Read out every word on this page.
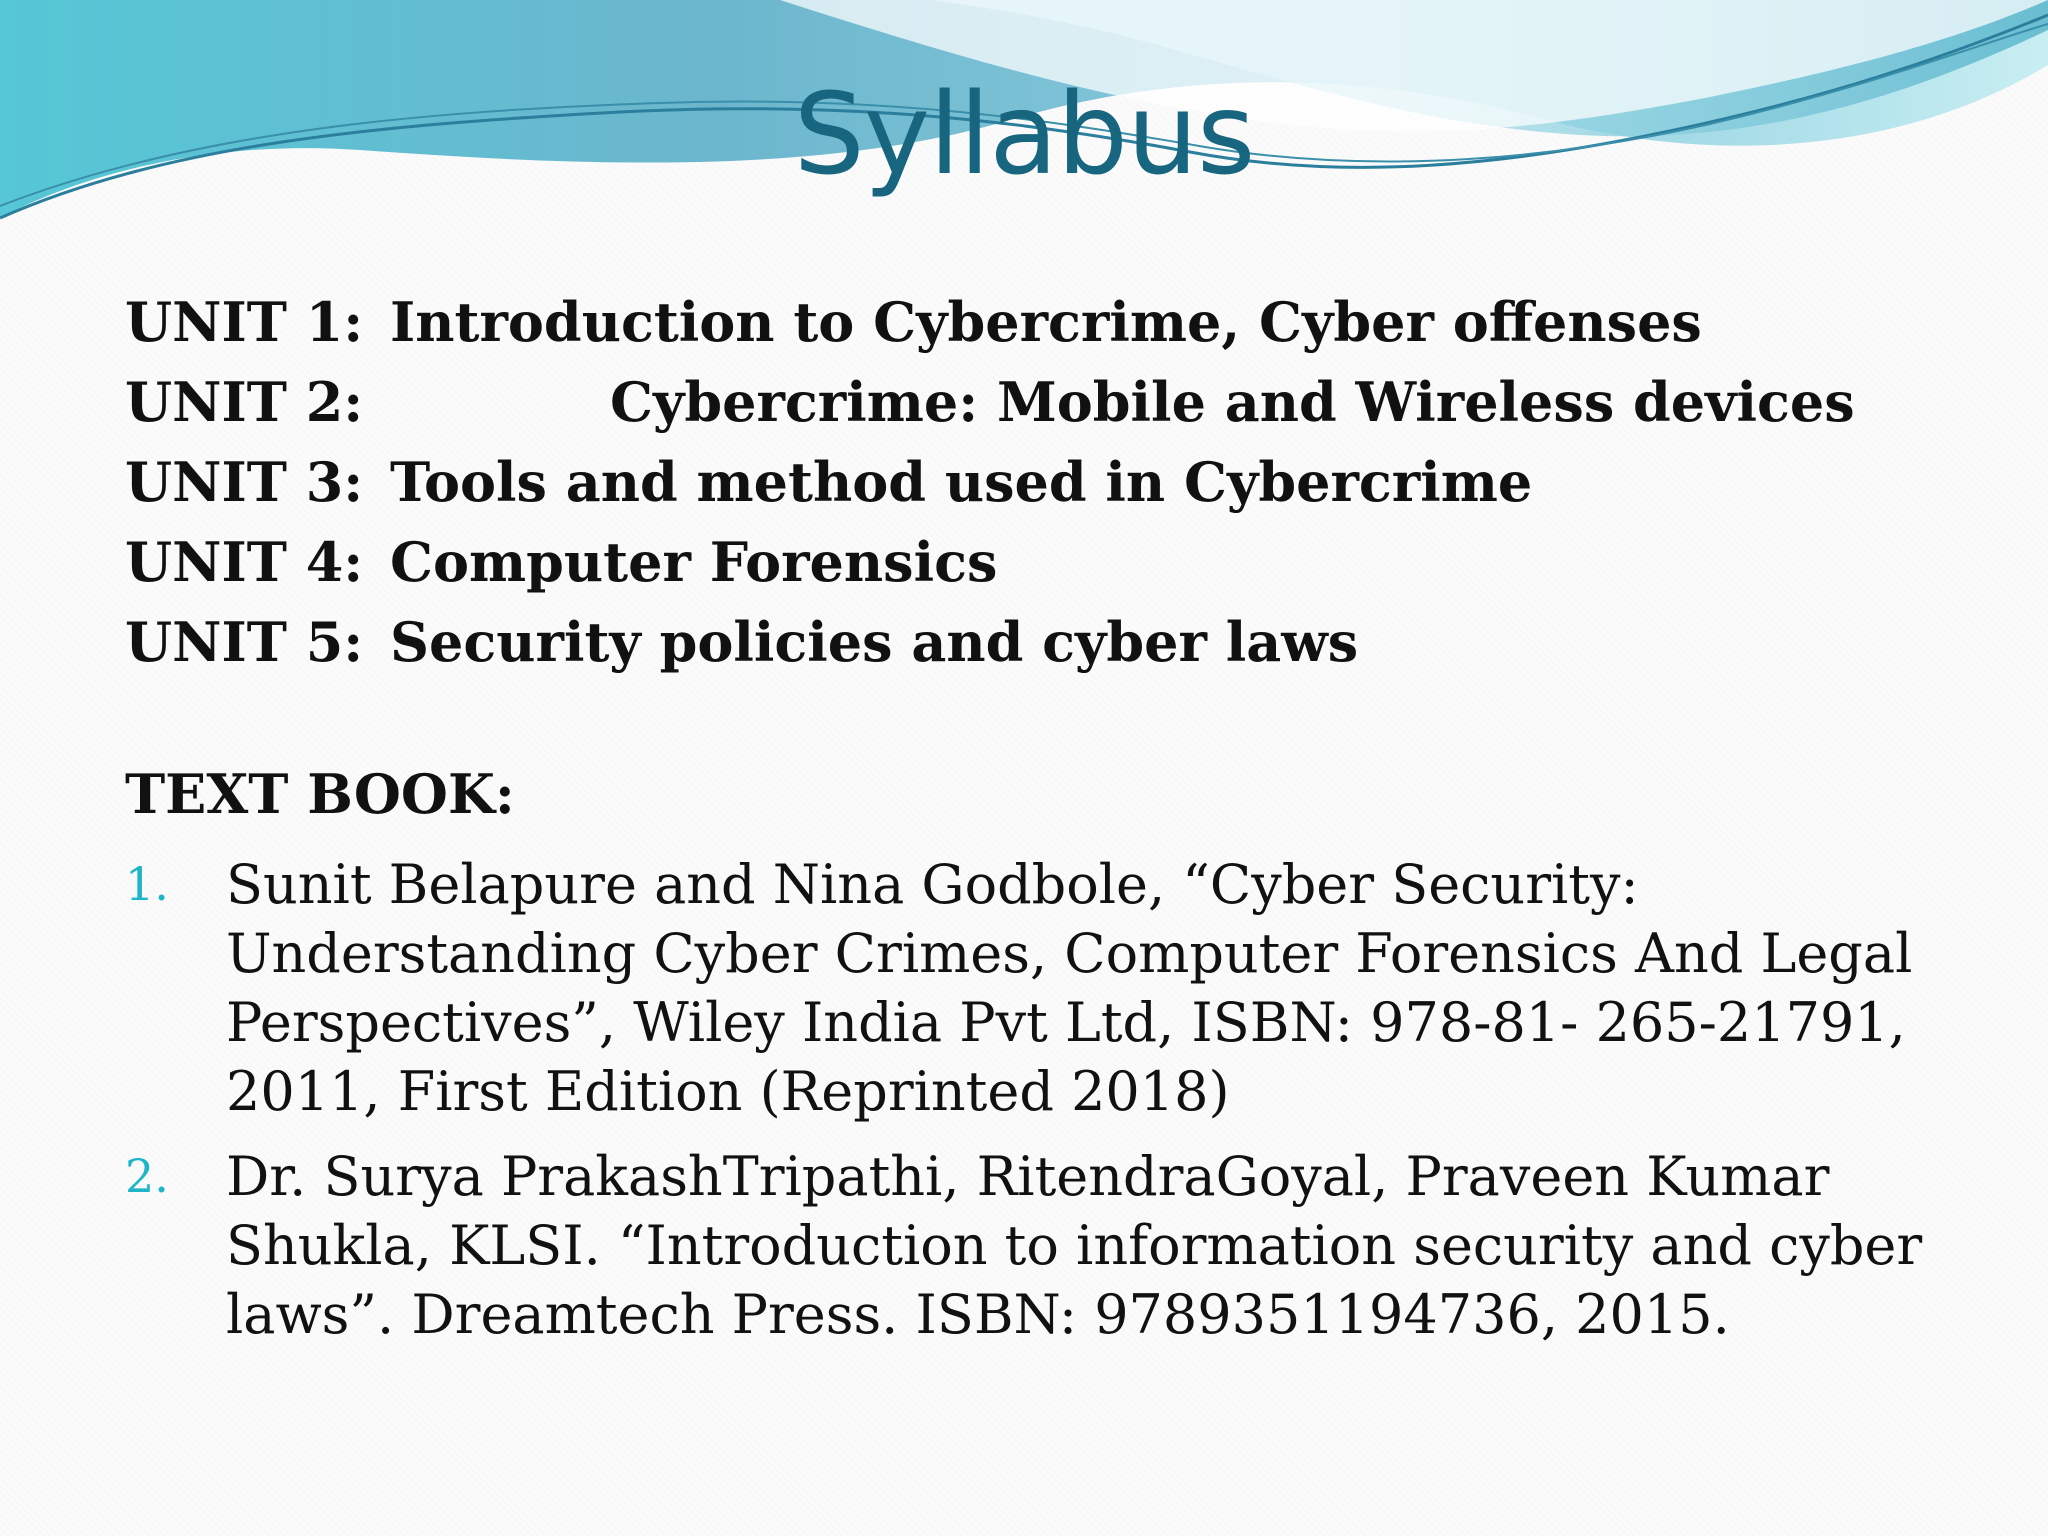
Syllabus
UNIT 1: Introduction to Cybercrime, Cyber offenses
UNIT 2:	Cybercrime: Mobile and Wireless devices
UNIT 3: Tools and method used in Cybercrime
UNIT 4: Computer Forensics
UNIT 5: Security policies and cyber laws
TEXT BOOK:
1.	Sunit Belapure and Nina Godbole, “Cyber Security: Understanding Cyber Crimes, Computer Forensics And Legal Perspectives”, Wiley India Pvt Ltd, ISBN: 978-81- 265-21791, 2011, First Edition (Reprinted 2018)
2.	Dr. Surya PrakashTripathi, RitendraGoyal, Praveen Kumar Shukla, KLSI. “Introduction to information security and cyber laws”. Dreamtech Press. ISBN: 9789351194736, 2015.
